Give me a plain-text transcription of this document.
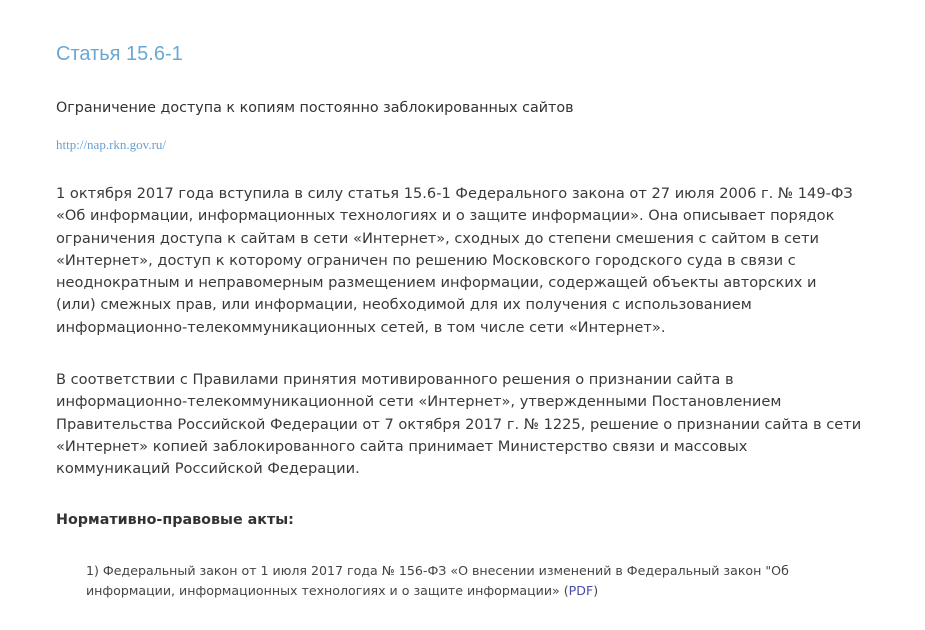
Статья 15.6-1
Ограничение доступа к копиям постоянно заблокированных сайтов
http://nap.rkn.gov.ru/

1 октября 2017 года вступила в силу статья 15.6-1 Федерального закона от 27 июля 2006 г. № 149-ФЗ
«Об информации, информационных технологиях и о защите информации». Она описывает порядок
ограничения доступа к сайтам в сети «Интернет», сходных до степени смешения с сайтом в сети
«Интернет», доступ к которому ограничен по решению Московского городского суда в связи с
неоднократным и неправомерным размещением информации, содержащей объекты авторских и
(или) смежных прав, или информации, необходимой для их получения с использованием
информационно-телекоммуникационных сетей, в том числе сети «Интернет».

В соответствии с Правилами принятия мотивированного решения о признании сайта в
информационно-телекоммуникационной сети «Интернет», утвержденными Постановлением
Правительства Российской Федерации от 7 октября 2017 г. № 1225, решение о признании сайта в сети
«Интернет» копией заблокированного сайта принимает Министерство связи и массовых
коммуникаций Российской Федерации.

Нормативно-правовые акты:
1) Федеральный закон от 1 июля 2017 года № 156-ФЗ «О внесении изменений в Федеральный закон "Об
информации, информационных технологиях и о защите информации» (PDF)
